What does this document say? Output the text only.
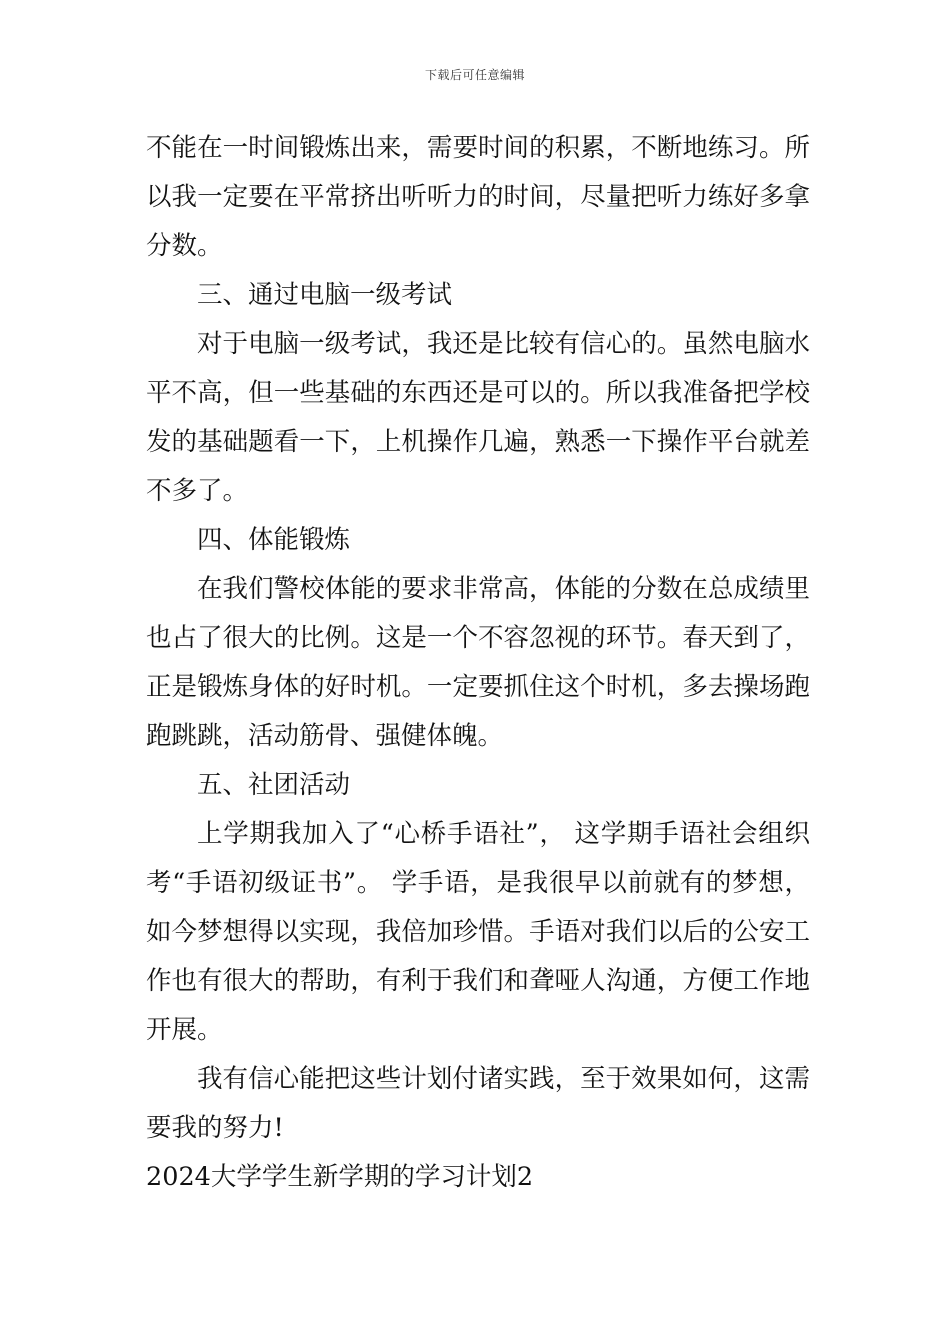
下载后可任意编辑

不能在一时间锻炼出来，需要时间的积累，不断地练习。所以我一定要在平常挤出听听力的时间，尽量把听力练好多拿分数。

三、通过电脑一级考试

对于电脑一级考试，我还是比较有信心的。虽然电脑水平不高，但一些基础的东西还是可以的。所以我准备把学校发的基础题看一下，上机操作几遍，熟悉一下操作平台就差不多了。

四、体能锻炼

在我们警校体能的要求非常高，体能的分数在总成绩里也占了很大的比例。这是一个不容忽视的环节。春天到了，正是锻炼身体的好时机。一定要抓住这个时机，多去操场跑跑跳跳，活动筋骨、强健体魄。

五、社团活动

上学期我加入了“心桥手语社”， 这学期手语社会组织考“手语初级证书”。 学手语，是我很早以前就有的梦想，如今梦想得以实现，我倍加珍惜。手语对我们以后的公安工作也有很大的帮助，有利于我们和聋哑人沟通，方便工作地开展。

我有信心能把这些计划付诸实践，至于效果如何，这需要我的努力!

2024大学学生新学期的学习计划2
